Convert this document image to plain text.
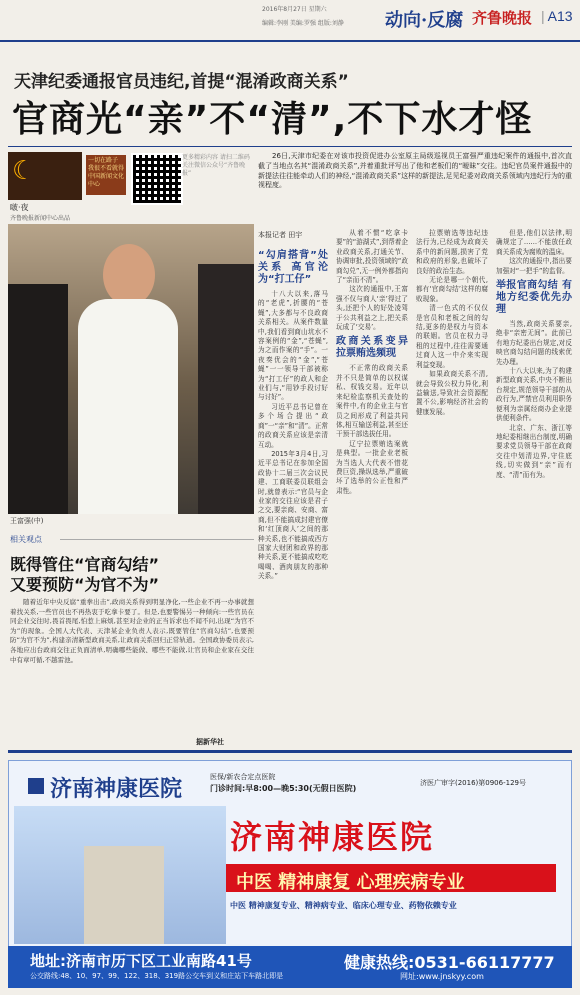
2016年8月27日 星期六
编辑:李刚 美编:罗强 组版:刘静 动向·反腐 齐鲁晚报
|	A13
天津纪委通报官员违纪,首提“混淆政商关系”
官商光“亲”不“清”,不下水才怪
☾	一切在路子 我很不看就得 中国新闻文化中心
啵·夜
齐鲁晚报新闻中心出品
更多精彩内容 请扫二维码关注微信公众号“齐鲁晚报”
王富强(中)
相关观点
既得管住“官商勾结”
又要预防“为官不为”
随着近年中央反腐“重拳出击”,政商关系得到明显净化,一些企业不再一办事就想着找关系,一些官员也不再热衷于吃拿卡要了。但是,也要警惕另一种倾向:一些官员在同企业交往时,畏首畏尾,怕惹上麻烦,甚至对企业的正当诉求也不闻不问,出现“为官不为”的现象。全国人大代表、天津某企业负责人表示,既要管住“官商勾结”,也要预防“为官不为”,构建亲清新型政商关系,让政商关系回归正常轨道。全国政协委员表示,各地应出台政商交往正负面清单,明确哪些能做、哪些不能做,让官员和企业家在交往中有章可循,不越雷池。
据新华社
26日,天津市纪委在对该市投资促进办公室原主局级巡视员王富强严重违纪案件的通报中,首次直截了当地点名其“混淆政商关系”,并着重批评写出了他和老板们的“暧昧”交往。违纪官员案件通报中的新提法往往能牵动人们的神经,“混淆政商关系”这样的新提法,足见纪委对政商关系领域内违纪行为的重视程度。
本报记者 田宇
“勾肩搭背”处关系 高官沦为“打工仔”

十八大以来,落马的“老虎”,折腰的“苍蝇”,大多都与不良政商关系相关。从案件数量中,我们看到商山坑水不容案例的“金”,“苍蝇”,为之而作案的“手”。一夜奏优会的“金”,“苍蝇”一一领导干部被称为“打工仔”的政人和企业们与,“用钞手段讨好与讨好”。

习近平总书记曾在多个场合提出“政商”一“亲”和“清”。正常的政商关系应该是亲清互动。

2015年3月4日,习近平总书记在参加全国政协十二届三次会议民建、工商联委员联组会时,就曾表示:“官员与企业家的交往应该是君子之交,要亲商、安商、富商,但不能搞成封建官僚和‘红顶商人’之间的那种关系,也不能搞成西方国家大财团和政界的那种关系,更不能搞成吃吃喝喝、酒肉朋友的那种关系。”

从着不惯“吃拿卡要”的“游湖式”,到帮着企业政商关系,打通关节、协调审批,投资领域的“政商勾兑”,无一例外都指向了“亲而不清”。

这次的通报中,王富强不仅与商人‘亲’得过了头,还把个人的好处凌驾于公共利益之上,把关系玩成了‘交易’。

政商关系变异 拉票贿选频现

不正常的政商关系并不只是简单的以权谋私、权钱交易。近年以来纪检监察机关查处的案件中,有的企业主与官员之间形成了利益共同体,相互输送利益,甚至还干预干部选拔任用。

辽宁拉票贿选案就是典型。一批企业老板为当选人大代表不惜花费巨资,操纵选举,严重破坏了选举的公正性和严肃性。

拉票贿选等违纪违法行为,已经成为政商关系中的新问题,损害了党和政府的形象,也破坏了良好的政治生态。

无论是哪一个朝代,都有‘官商勾结’这样的腐败现象。

清一色式的不仅仅是官员和老板之间的勾结,更多的是权力与资本的联姻。官员在权力寻租的过程中,往往需要通过商人这一中介来实现利益变现。

如果政商关系不清,就会导致公权力异化,利益输送,导致社会资源配置不公,影响经济社会的健康发展。

但是,他们以法律,明确规定了……不能放任政商关系成为腐败的温床。

这次的通报中,指出要加强对“一把手”的监督。

举报官商勾结 有地方纪委优先办理

当然,政商关系要亲,绝非“亲密无间”。此前已有地方纪委出台规定,对反映官商勾结问题的线索优先办理。

十八大以来,为了构建新型政商关系,中央不断出台规定,规范领导干部的从政行为,严禁官员利用职务便利为亲属经商办企业提供便利条件。

北京、广东、浙江等地纪委相继出台制度,明确要求党员领导干部在政商交往中划清边界,守住底线,切实做到“亲”而有度、“清”而有为。

济南神康医院	医保/新农合定点医院
门诊时间:早8:00—晚5:30(无假日医院)
济医广审字(2016)第0906-129号
济南神康医院
中医 精神康复 心理疾病专业
中医 精神康复专业、精神病专业、临床心理专业、药物依赖专业
地址:济南市历下区工业南路41号
公交路线:48、10、97、99、122、318、319路公交车到义和庄站下车路北即是
健康热线:0531-66117777
网址:www.jnskyy.com
